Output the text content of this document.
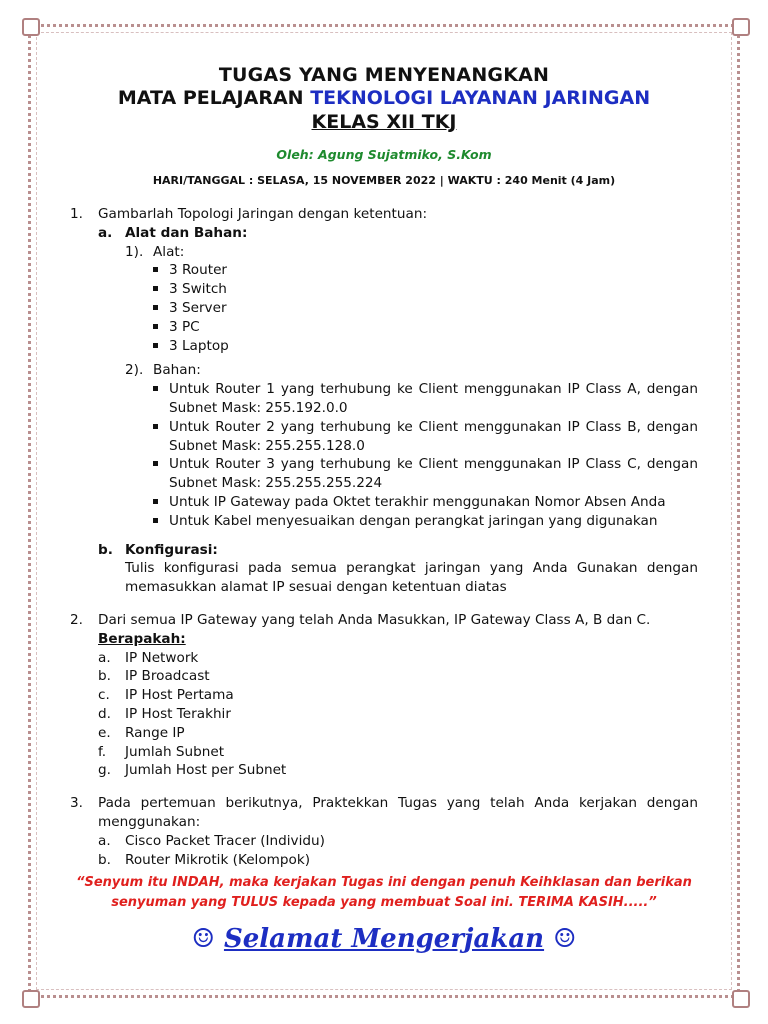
TUGAS YANG MENYENANGKAN
MATA PELAJARAN TEKNOLOGI LAYANAN JARINGAN
KELAS XII TKJ
Oleh: Agung Sujatmiko, S.Kom
HARI/TANGGAL : SELASA, 15 NOVEMBER 2022 | WAKTU : 240 Menit (4 Jam)
1. Gambarlah Topologi Jaringan dengan ketentuan:
a. Alat dan Bahan:
1). Alat:
3 Router
3 Switch
3 Server
3 PC
3 Laptop
2). Bahan:
Untuk Router 1 yang terhubung ke Client menggunakan IP Class A, dengan Subnet Mask: 255.192.0.0
Untuk Router 2 yang terhubung ke Client menggunakan IP Class B, dengan Subnet Mask: 255.255.128.0
Untuk Router 3 yang terhubung ke Client menggunakan IP Class C, dengan Subnet Mask: 255.255.255.224
Untuk IP Gateway pada Oktet terakhir menggunakan Nomor Absen Anda
Untuk Kabel menyesuaikan dengan perangkat jaringan yang digunakan
b. Konfigurasi:
Tulis konfigurasi pada semua perangkat jaringan yang Anda Gunakan dengan memasukkan alamat IP sesuai dengan ketentuan diatas
2. Dari semua IP Gateway yang telah Anda Masukkan, IP Gateway Class A, B dan C.
Berapakah:
a. IP Network
b. IP Broadcast
c. IP Host Pertama
d. IP Host Terakhir
e. Range IP
f. Jumlah Subnet
g. Jumlah Host per Subnet
3. Pada pertemuan berikutnya, Praktekkan Tugas yang telah Anda kerjakan dengan menggunakan:
a. Cisco Packet Tracer (Individu)
b. Router Mikrotik (Kelompok)
“Senyum itu INDAH, maka kerjakan Tugas ini dengan penuh Keihklasan dan berikan
senyuman yang TULUS kepada yang membuat Soal ini. TERIMA KASIH.....”
☺ Selamat Mengerjakan ☺
